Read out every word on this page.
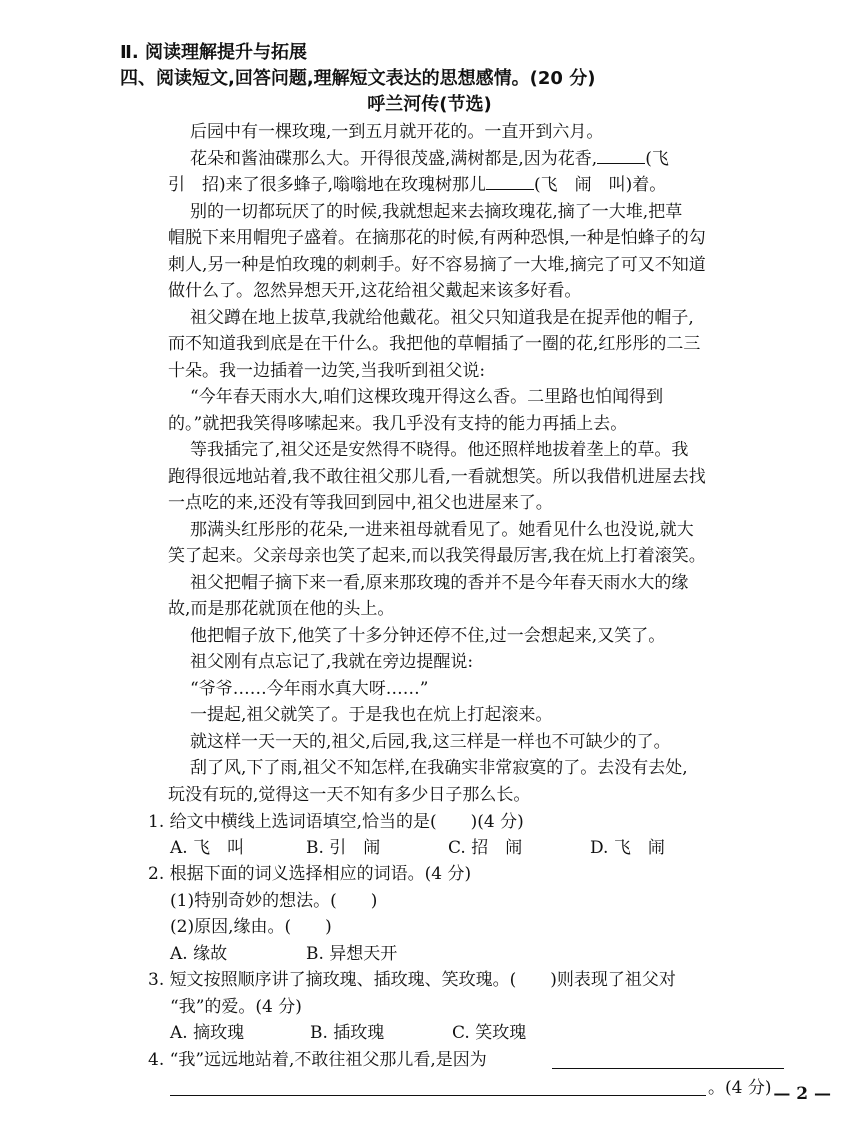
Ⅱ. 阅读理解提升与拓展
四、阅读短文,回答问题,理解短文表达的思想感情。(20 分)
呼兰河传(节选)
后园中有一棵玫瑰,一到五月就开花的。一直开到六月。
花朵和酱油碟那么大。开得很茂盛,满树都是,因为花香,	(飞
引　招)来了很多蜂子,嗡嗡地在玫瑰树那儿	(飞　闹　叫)着。
别的一切都玩厌了的时候,我就想起来去摘玫瑰花,摘了一大堆,把草
帽脱下来用帽兜子盛着。在摘那花的时候,有两种恐惧,一种是怕蜂子的勾
刺人,另一种是怕玫瑰的刺刺手。好不容易摘了一大堆,摘完了可又不知道
做什么了。忽然异想天开,这花给祖父戴起来该多好看。
祖父蹲在地上拔草,我就给他戴花。祖父只知道我是在捉弄他的帽子,
而不知道我到底是在干什么。我把他的草帽插了一圈的花,红彤彤的二三
十朵。我一边插着一边笑,当我听到祖父说:
“今年春天雨水大,咱们这棵玫瑰开得这么香。二里路也怕闻得到
的。”就把我笑得哆嗦起来。我几乎没有支持的能力再插上去。
等我插完了,祖父还是安然得不晓得。他还照样地拔着垄上的草。我
跑得很远地站着,我不敢往祖父那儿看,一看就想笑。所以我借机进屋去找
一点吃的来,还没有等我回到园中,祖父也进屋来了。
那满头红彤彤的花朵,一进来祖母就看见了。她看见什么也没说,就大
笑了起来。父亲母亲也笑了起来,而以我笑得最厉害,我在炕上打着滚笑。
祖父把帽子摘下来一看,原来那玫瑰的香并不是今年春天雨水大的缘
故,而是那花就顶在他的头上。
他把帽子放下,他笑了十多分钟还停不住,过一会想起来,又笑了。
祖父刚有点忘记了,我就在旁边提醒说:
“爷爷……今年雨水真大呀……”
一提起,祖父就笑了。于是我也在炕上打起滚来。
就这样一天一天的,祖父,后园,我,这三样是一样也不可缺少的了。
刮了风,下了雨,祖父不知怎样,在我确实非常寂寞的了。去没有去处,
玩没有玩的,觉得这一天不知有多少日子那么长。
1. 给文中横线上选词语填空,恰当的是(　　)(4 分)
A. 飞　叫	B. 引　闹	C. 招　闹	D. 飞　闹
2. 根据下面的词义选择相应的词语。(4 分)
(1)特别奇妙的想法。(　　)
(2)原因,缘由。(　　)
A. 缘故	B. 异想天开
3. 短文按照顺序讲了摘玫瑰、插玫瑰、笑玫瑰。(　　)则表现了祖父对
“我”的爱。(4 分)
A. 摘玫瑰	B. 插玫瑰	C. 笑玫瑰
4. “我”远远地站着,不敢往祖父那儿看,是因为
。(4 分) — 2 —
